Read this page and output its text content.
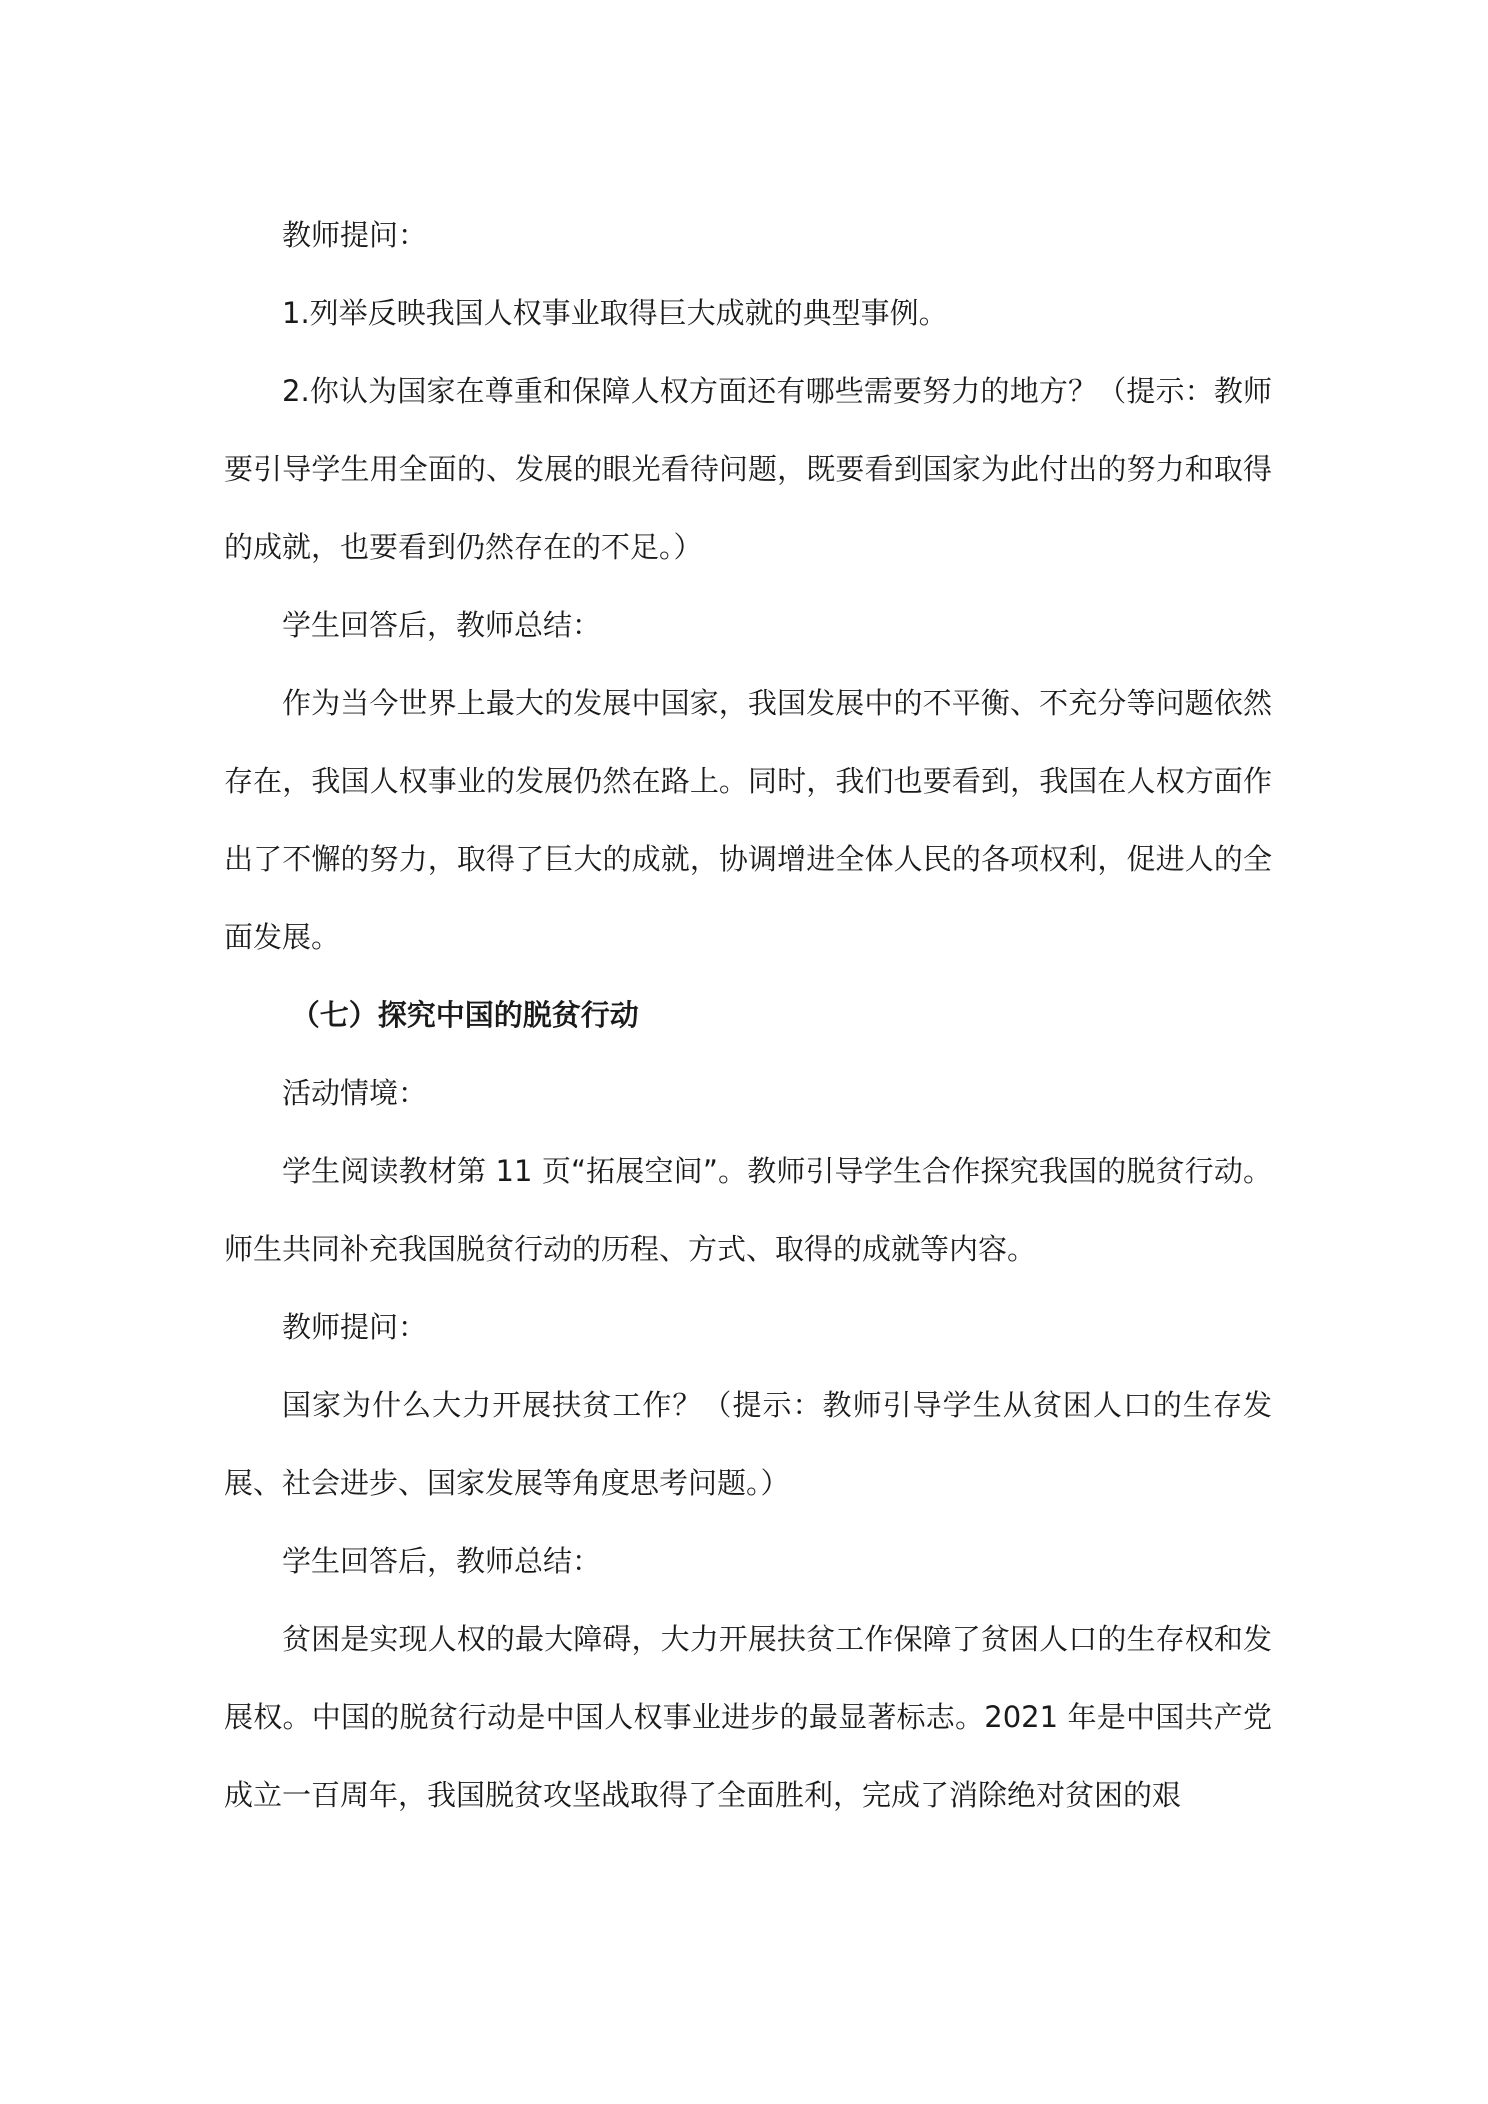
教师提问：

1.列举反映我国人权事业取得巨大成就的典型事例。

2.你认为国家在尊重和保障人权方面还有哪些需要努力的地方？（提示：教师要引导学生用全面的、发展的眼光看待问题，既要看到国家为此付出的努力和取得的成就，也要看到仍然存在的不足。）

学生回答后，教师总结：

作为当今世界上最大的发展中国家，我国发展中的不平衡、不充分等问题依然存在，我国人权事业的发展仍然在路上。同时，我们也要看到，我国在人权方面作出了不懈的努力，取得了巨大的成就，协调增进全体人民的各项权利，促进人的全面发展。

（七）探究中国的脱贫行动

活动情境：

学生阅读教材第 11 页“拓展空间”。教师引导学生合作探究我国的脱贫行动。师生共同补充我国脱贫行动的历程、方式、取得的成就等内容。

教师提问：

国家为什么大力开展扶贫工作？（提示：教师引导学生从贫困人口的生存发展、社会进步、国家发展等角度思考问题。）

学生回答后，教师总结：

贫困是实现人权的最大障碍，大力开展扶贫工作保障了贫困人口的生存权和发展权。中国的脱贫行动是中国人权事业进步的最显著标志。2021 年是中国共产党成立一百周年，我国脱贫攻坚战取得了全面胜利，完成了消除绝对贫困的艰
